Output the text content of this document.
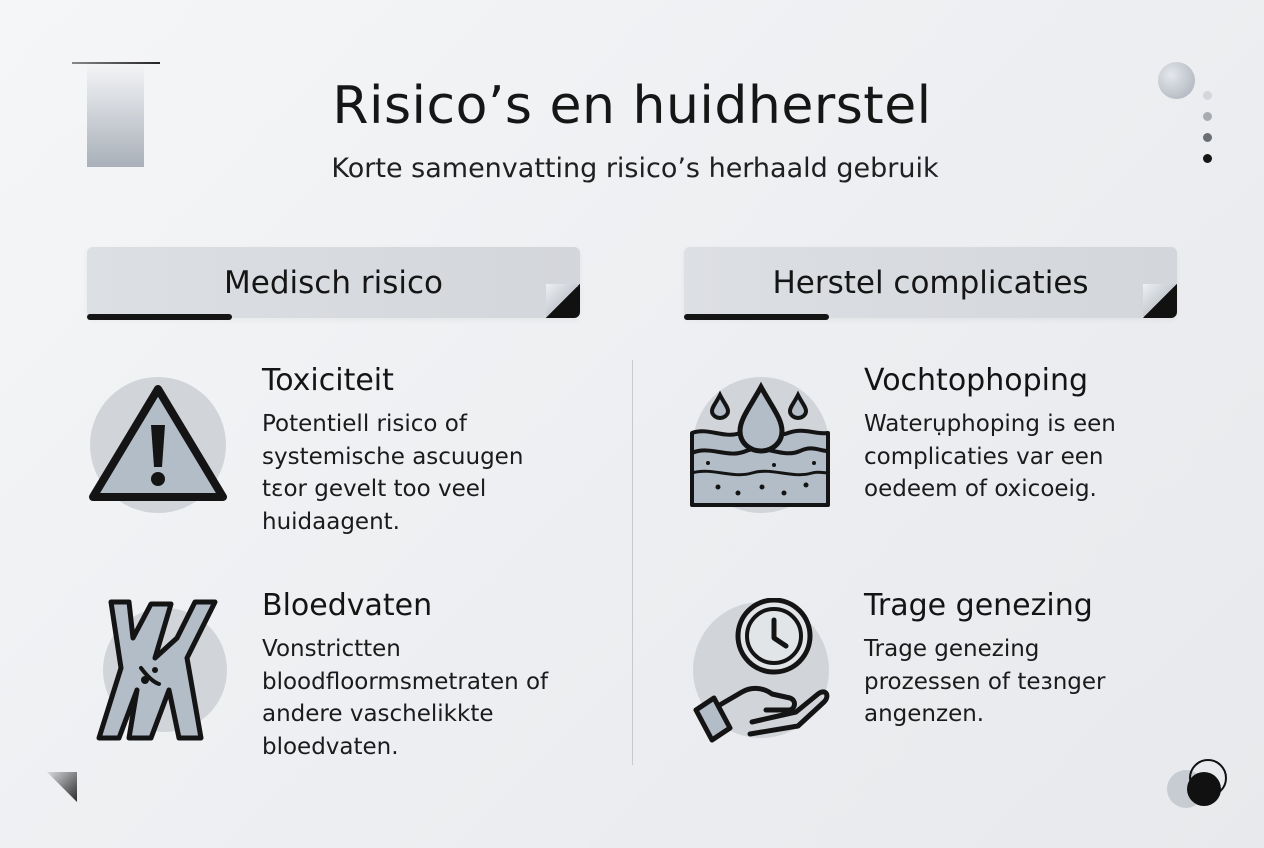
Risico’s en huidherstel
Korte samenvatting risico’s herhaald gebruik
Medisch risico	Herstel complicaties
Toxiciteit
Potentiell risico of
systemische ascuugen
tɛor gevelt too veel
huidaagent.
Bloedvaten
Vonstrictten
bloodfloormsmetraten of
andere vaschelikkte
bloedvaten.
Vochtophoping
Waterụphoping is een
complicaties var een
oedeem of oxicoeig.
Trage genezing
Trage genezing
prozessen of teɜnger
angenzen.
